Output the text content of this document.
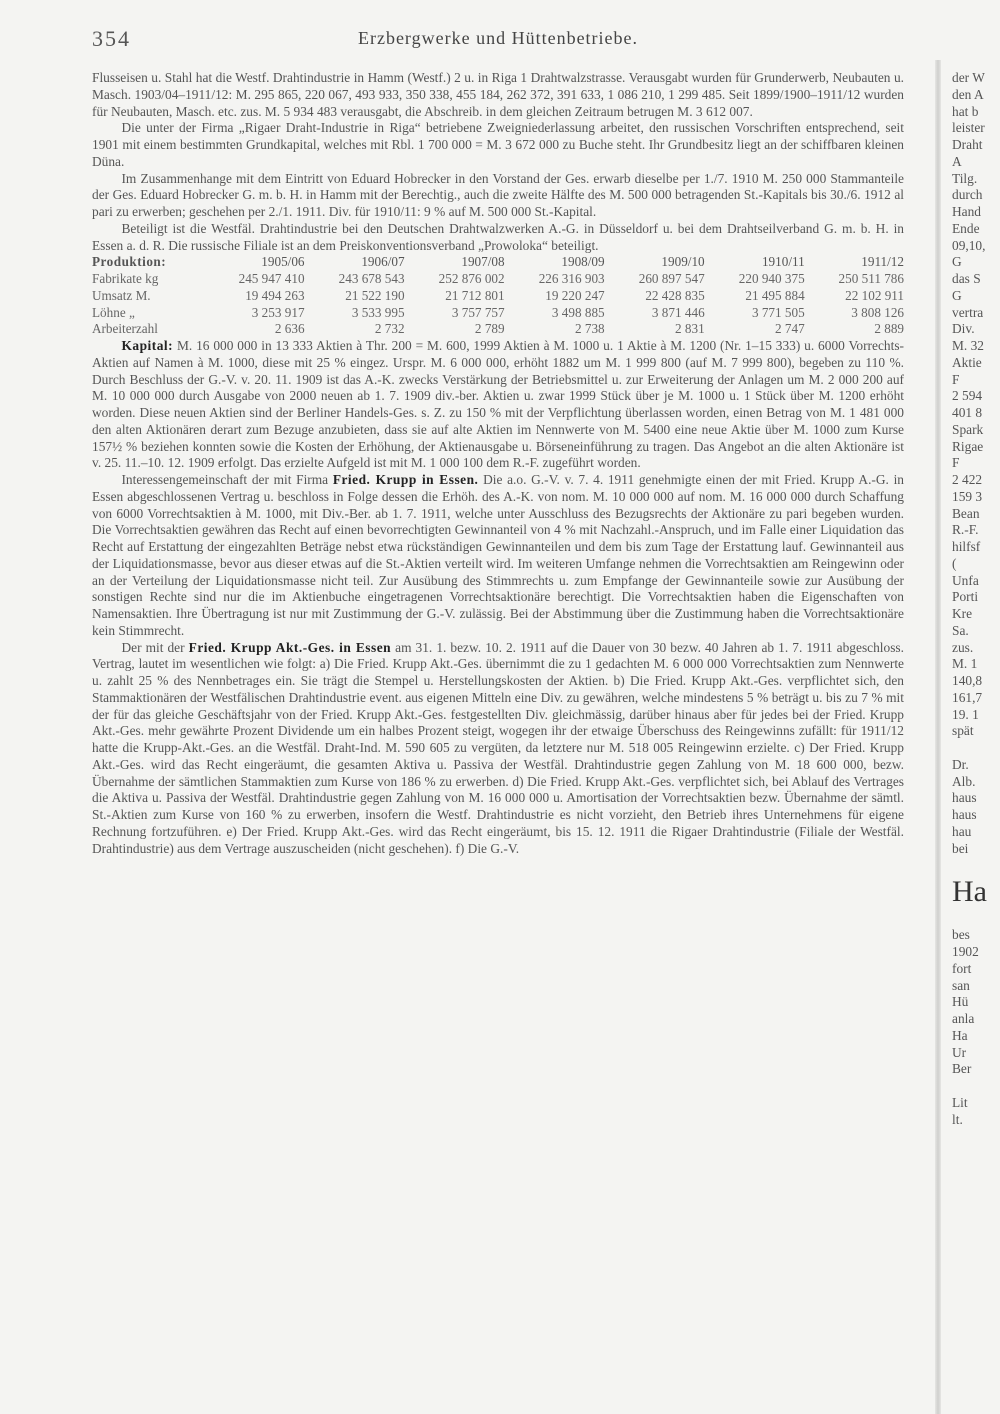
354	Erzbergwerke und Hüttenbetriebe.

Flusseisen u. Stahl hat die Westf. Drahtindustrie in Hamm (Westf.) 2 u. in Riga 1 Drahtwalzstrasse. Verausgabt wurden für Grunderwerb, Neubauten u. Masch. 1903/04–1911/12: M. 295 865, 220 067, 493 933, 350 338, 455 184, 262 372, 391 633, 1 086 210, 1 299 485. Seit 1899/1900–1911/12 wurden für Neubauten, Masch. etc. zus. M. 5 934 483 verausgabt, die Abschreib. in dem gleichen Zeitraum betrugen M. 3 612 007.

Die unter der Firma „Rigaer Draht-Industrie in Riga“ betriebene Zweigniederlassung arbeitet, den russischen Vorschriften entsprechend, seit 1901 mit einem bestimmten Grundkapital, welches mit Rbl. 1 700 000 = M. 3 672 000 zu Buche steht. Ihr Grundbesitz liegt an der schiffbaren kleinen Düna.

Im Zusammenhange mit dem Eintritt von Eduard Hobrecker in den Vorstand der Ges. erwarb dieselbe per 1./7. 1910 M. 250 000 Stammanteile der Ges. Eduard Hobrecker G. m. b. H. in Hamm mit der Berechtig., auch die zweite Hälfte des M. 500 000 betragenden St.-Kapitals bis 30./6. 1912 al pari zu erwerben; geschehen per 2./1. 1911. Div. für 1910/11: 9 % auf M. 500 000 St.-Kapital.

Beteiligt ist die Westfäl. Drahtindustrie bei den Deutschen Drahtwalzwerken A.-G. in Düsseldorf u. bei dem Drahtseilverband G. m. b. H. in Essen a. d. R. Die russische Filiale ist an dem Preiskonventionsverband „Prowoloka“ beteiligt.

Produktion:	1905/06	1906/07	1907/08	1908/09	1909/10	1910/11	1911/12
Fabrikate kg	245 947 410	243 678 543	252 876 002	226 316 903	260 897 547	220 940 375	250 511 786
Umsatz M.	19 494 263	21 522 190	21 712 801	19 220 247	22 428 835	21 495 884	22 102 911
Löhne „	3 253 917	3 533 995	3 757 757	3 498 885	3 871 446	3 771 505	3 808 126
Arbeiterzahl	2 636	2 732	2 789	2 738	2 831	2 747	2 889

Kapital: M. 16 000 000 in 13 333 Aktien à Thr. 200 = M. 600, 1999 Aktien à M. 1000 u. 1 Aktie à M. 1200 (Nr. 1–15 333) u. 6000 Vorrechts-Aktien auf Namen à M. 1000, diese mit 25 % eingez. Urspr. M. 6 000 000, erhöht 1882 um M. 1 999 800 (auf M. 7 999 800), begeben zu 110 %. Durch Beschluss der G.-V. v. 20. 11. 1909 ist das A.-K. zwecks Verstärkung der Betriebsmittel u. zur Erweiterung der Anlagen um M. 2 000 200 auf M. 10 000 000 durch Ausgabe von 2000 neuen ab 1. 7. 1909 div.-ber. Aktien u. zwar 1999 Stück über je M. 1000 u. 1 Stück über M. 1200 erhöht worden. Diese neuen Aktien sind der Berliner Handels-Ges. s. Z. zu 150 % mit der Verpflichtung überlassen worden, einen Betrag von M. 1 481 000 den alten Aktionären derart zum Bezuge anzubieten, dass sie auf alte Aktien im Nennwerte von M. 5400 eine neue Aktie über M. 1000 zum Kurse 157½ % beziehen konnten sowie die Kosten der Erhöhung, der Aktienausgabe u. Börseneinführung zu tragen. Das Angebot an die alten Aktionäre ist v. 25. 11.–10. 12. 1909 erfolgt. Das erzielte Aufgeld ist mit M. 1 000 100 dem R.-F. zugeführt worden.

Interessengemeinschaft der mit Firma Fried. Krupp in Essen. Die a.o. G.-V. v. 7. 4. 1911 genehmigte einen der mit Fried. Krupp A.-G. in Essen abgeschlossenen Vertrag u. beschloss in Folge dessen die Erhöh. des A.-K. von nom. M. 10 000 000 auf nom. M. 16 000 000 durch Schaffung von 6000 Vorrechtsaktien à M. 1000, mit Div.-Ber. ab 1. 7. 1911, welche unter Ausschluss des Bezugsrechts der Aktionäre zu pari begeben wurden. Die Vorrechtsaktien gewähren das Recht auf einen bevorrechtigten Gewinnanteil von 4 % mit Nachzahl.-Anspruch, und im Falle einer Liquidation das Recht auf Erstattung der eingezahlten Beträge nebst etwa rückständigen Gewinnanteilen und dem bis zum Tage der Erstattung lauf. Gewinnanteil aus der Liquidationsmasse, bevor aus dieser etwas auf die St.-Aktien verteilt wird. Im weiteren Umfange nehmen die Vorrechtsaktien am Reingewinn oder an der Verteilung der Liquidationsmasse nicht teil. Zur Ausübung des Stimmrechts u. zum Empfange der Gewinnanteile sowie zur Ausübung der sonstigen Rechte sind nur die im Aktienbuche eingetragenen Vorrechtsaktionäre berechtigt. Die Vorrechtsaktien haben die Eigenschaften von Namensaktien. Ihre Übertragung ist nur mit Zustimmung der G.-V. zulässig. Bei der Abstimmung über die Zustimmung haben die Vorrechtsaktionäre kein Stimmrecht.

Der mit der Fried. Krupp Akt.-Ges. in Essen am 31. 1. bezw. 10. 2. 1911 auf die Dauer von 30 bezw. 40 Jahren ab 1. 7. 1911 abgeschloss. Vertrag, lautet im wesentlichen wie folgt: a) Die Fried. Krupp Akt.-Ges. übernimmt die zu 1 gedachten M. 6 000 000 Vorrechtsaktien zum Nennwerte u. zahlt 25 % des Nennbetrages ein. Sie trägt die Stempel u. Herstellungskosten der Aktien. b) Die Fried. Krupp Akt.-Ges. verpflichtet sich, den Stammaktionären der Westfälischen Drahtindustrie event. aus eigenen Mitteln eine Div. zu gewähren, welche mindestens 5 % beträgt u. bis zu 7 % mit der für das gleiche Geschäftsjahr von der Fried. Krupp Akt.-Ges. festgestellten Div. gleichmässig, darüber hinaus aber für jedes bei der Fried. Krupp Akt.-Ges. mehr gewährte Prozent Dividende um ein halbes Prozent steigt, wogegen ihr der etwaige Überschuss des Reingewinns zufällt: für 1911/12 hatte die Krupp-Akt.-Ges. an die Westfäl. Draht-Ind. M. 590 605 zu vergüten, da letztere nur M. 518 005 Reingewinn erzielte. c) Der Fried. Krupp Akt.-Ges. wird das Recht eingeräumt, die gesamten Aktiva u. Passiva der Westfäl. Drahtindustrie gegen Zahlung von M. 18 600 000, bezw. Übernahme der sämtlichen Stammaktien zum Kurse von 186 % zu erwerben. d) Die Fried. Krupp Akt.-Ges. verpflichtet sich, bei Ablauf des Vertrages die Aktiva u. Passiva der Westfäl. Drahtindustrie gegen Zahlung von M. 16 000 000 u. Amortisation der Vorrechtsaktien bezw. Übernahme der sämtl. St.-Aktien zum Kurse von 160 % zu erwerben, insofern die Westf. Drahtindustrie es nicht vorzieht, den Betrieb ihres Unternehmens für eigene Rechnung fortzuführen. e) Der Fried. Krupp Akt.-Ges. wird das Recht eingeräumt, bis 15. 12. 1911 die Rigaer Drahtindustrie (Filiale der Westfäl. Drahtindustrie) aus dem Vertrage auszuscheiden (nicht geschehen). f) Die G.-V.

der W
den A
hat b
leister
Draht
A
Tilg.
durch
Hand
Ende
09,10,
G
das S
G
vertra
Div.
M. 32
Aktie
F
2 594
401 8
Spark
Rigae
F
2 422
159 3
Bean
R.-F.
hilfsf
(
Unfa
Porti
Kre
Sa.
zus.
M. 1
140,8
161,7
19. 1
spät
Dr.
Alb.
haus
haus
hau
bei
Ha
bes
1902
fort
san
Hü
anla
Ha
Ur
Ber
Lit
lt.
